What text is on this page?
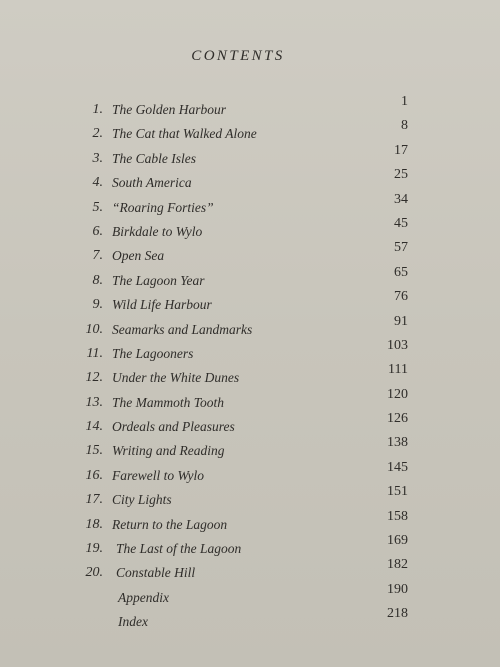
CONTENTS
1. The Golden Harbour
1
2. The Cat that Walked Alone
8
3. The Cable Isles
17
4. South America
25
5. “Roaring Forties”
34
6. Birkdale to Wylo
45
7. Open Sea
57
8. The Lagoon Year
65
9. Wild Life Harbour
76
10. Seamarks and Landmarks
91
11. The Lagooners
103
12. Under the White Dunes
111
13. The Mammoth Tooth
120
14. Ordeals and Pleasures
126
15. Writing and Reading
138
16. Farewell to Wylo
145
17. City Lights
151
18. Return to the Lagoon
158
19. The Last of the Lagoon
169
20. Constable Hill
182
Appendix
190
Index
218
